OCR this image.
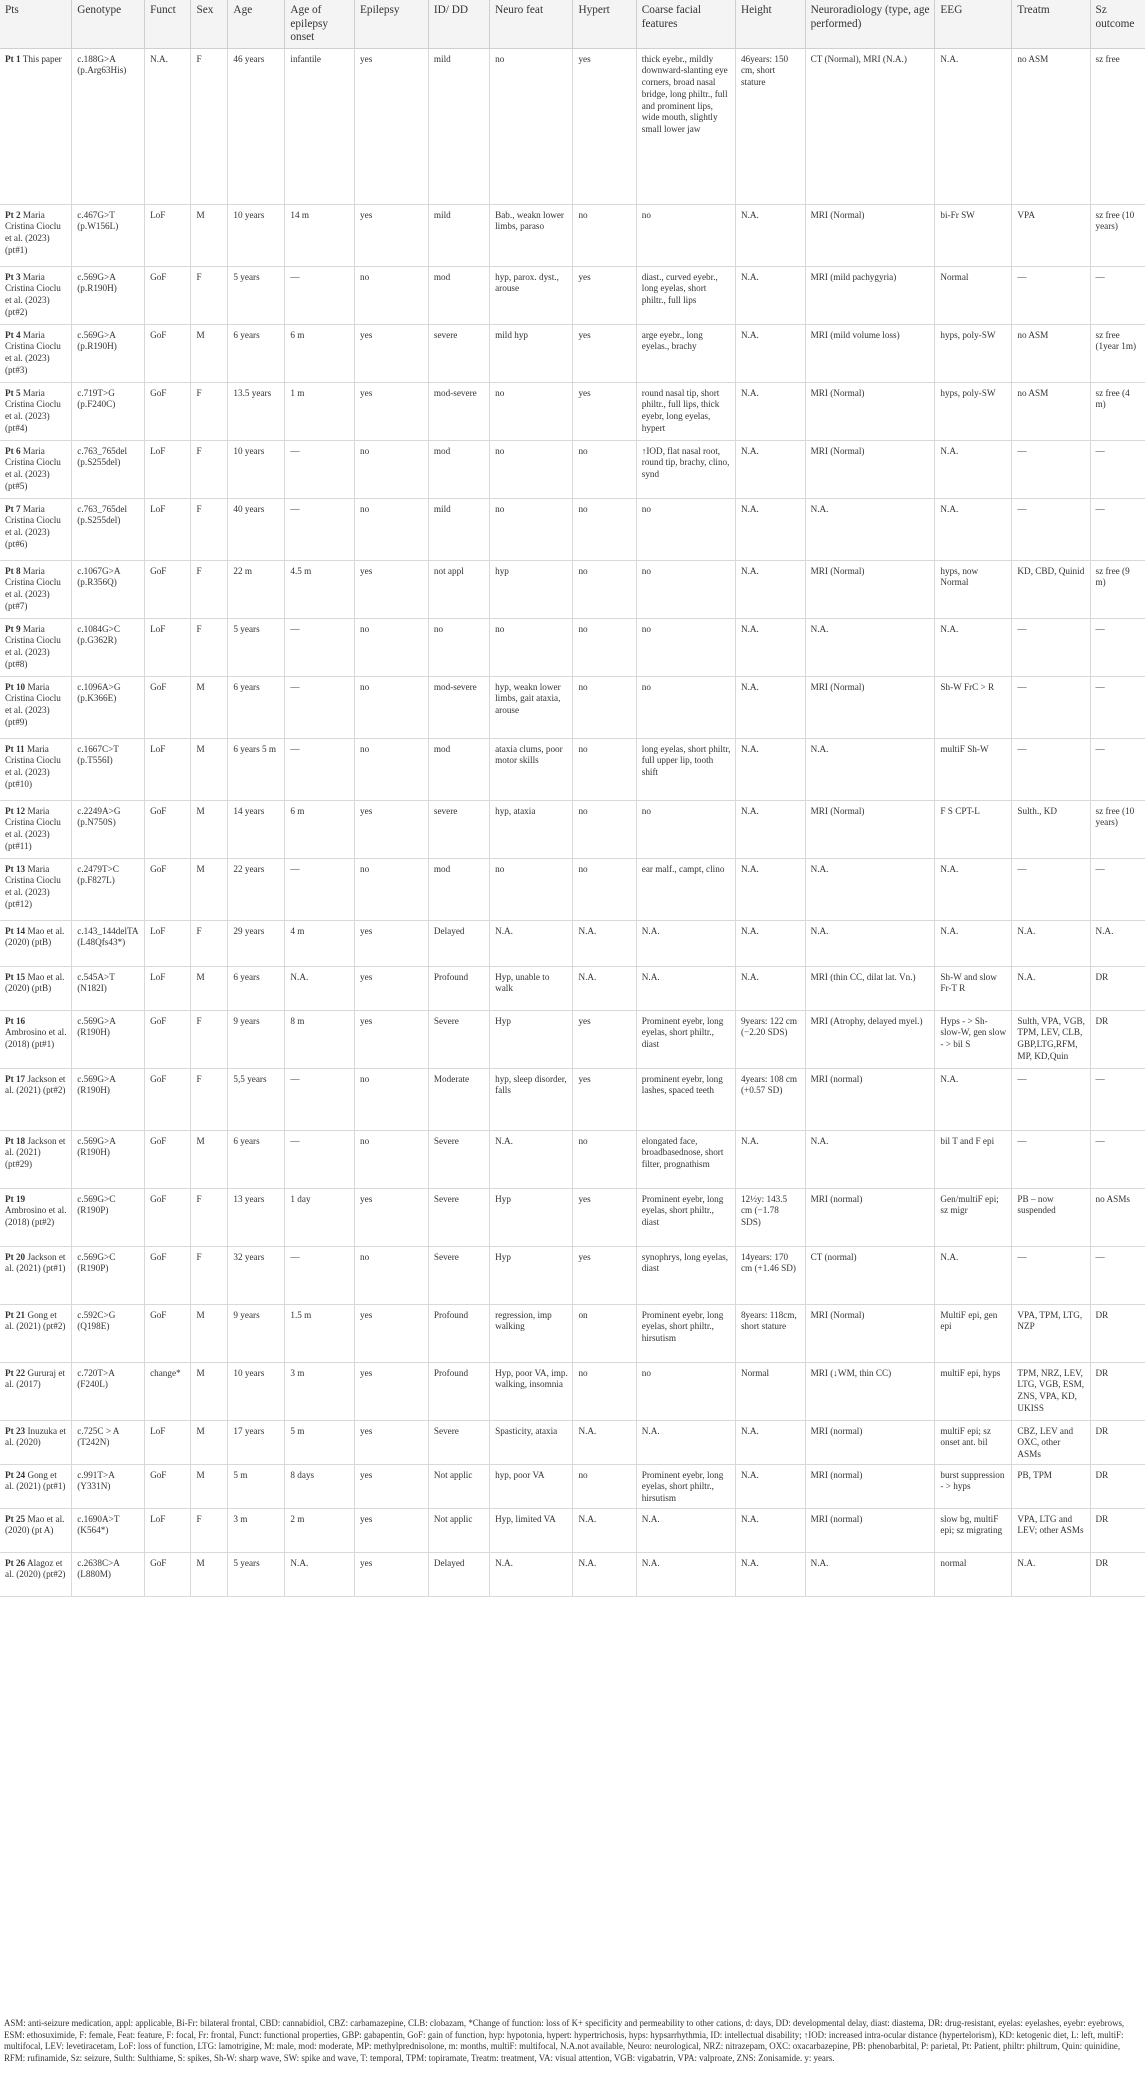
Pts	Genotype	Funct	Sex	Age	Age of epilepsy onset	Epilepsy	ID/ DD	Neuro feat	Hypert	Coarse facial features	Height	Neuroradiology (type, age performed)	EEG	Treatm	Sz outcome
Pt 1 This paper	c.188G>A (p.Arg63His)	N.A.	F	46 years	infantile	yes	mild	no	yes	thick eyebr., mildly downward-slanting eye corners, broad nasal bridge, long philtr., full and prominent lips, wide mouth, slightly small lower jaw	46years: 150 cm, short stature	CT (Normal), MRI (N.A.)	N.A.	no ASM	sz free
Pt 2 Maria Cristina Cioclu et al. (2023) (pt#1)	c.467G>T (p.W156L)	LoF	M	10 years	14 m	yes	mild	Bab., weakn lower limbs, paraso	no	no	N.A.	MRI (Normal)	bi-Fr SW	VPA	sz free (10 years)
Pt 3 Maria Cristina Cioclu et al. (2023) (pt#2)	c.569G>A (p.R190H)	GoF	F	5 years	—	no	mod	hyp, parox. dyst., arouse	yes	diast., curved eyebr., long eyelas, short philtr., full lips	N.A.	MRI (mild pachygyria)	Normal	—	—
Pt 4 Maria Cristina Cioclu et al. (2023) (pt#3)	c.569G>A (p.R190H)	GoF	M	6 years	6 m	yes	severe	mild hyp	yes	arge eyebr., long eyelas., brachy	N.A.	MRI (mild volume loss)	hyps, poly-SW	no ASM	sz free (1year 1m)
Pt 5 Maria Cristina Cioclu et al. (2023) (pt#4)	c.719T>G (p.F240C)	GoF	F	13.5 years	1 m	yes	mod-severe	no	yes	round nasal tip, short philtr., full lips, thick eyebr, long eyelas, hypert	N.A.	MRI (Normal)	hyps, poly-SW	no ASM	sz free (4 m)
Pt 6 Maria Cristina Cioclu et al. (2023) (pt#5)	c.763_765del (p.S255del)	LoF	F	10 years	—	no	mod	no	no	↑IOD, flat nasal root, round tip, brachy, clino, synd	N.A.	MRI (Normal)	N.A.	—	—
Pt 7 Maria Cristina Cioclu et al. (2023) (pt#6)	c.763_765del (p.S255del)	LoF	F	40 years	—	no	mild	no	no	no	N.A.	N.A.	N.A.	—	—
Pt 8 Maria Cristina Cioclu et al. (2023) (pt#7)	c.1067G>A (p.R356Q)	GoF	F	22 m	4.5 m	yes	not appl	hyp	no	no	N.A.	MRI (Normal)	hyps, now Normal	KD, CBD, Quinid	sz free (9 m)
Pt 9 Maria Cristina Cioclu et al. (2023) (pt#8)	c.1084G>C (p.G362R)	LoF	F	5 years	—	no	no	no	no	no	N.A.	N.A.	N.A.	—	—
Pt 10 Maria Cristina Cioclu et al. (2023) (pt#9)	c.1096A>G (p.K366E)	GoF	M	6 years	—	no	mod-severe	hyp, weakn lower limbs, gait ataxia, arouse	no	no	N.A.	MRI (Normal)	Sh-W FrC > R	—	—
Pt 11 Maria Cristina Cioclu et al. (2023) (pt#10)	c.1667C>T (p.T556I)	LoF	M	6 years 5 m	—	no	mod	ataxia clums, poor motor skills	no	long eyelas, short philtr, full upper lip, tooth shift	N.A.	N.A.	multiF Sh-W	—	—
Pt 12 Maria Cristina Cioclu et al. (2023) (pt#11)	c.2249A>G (p.N750S)	GoF	M	14 years	6 m	yes	severe	hyp, ataxia	no	no	N.A.	MRI (Normal)	F S CPT-L	Sulth., KD	sz free (10 years)
Pt 13 Maria Cristina Cioclu et al. (2023) (pt#12)	c.2479T>C (p.F827L)	GoF	M	22 years	—	no	mod	no	no	ear malf., campt, clino	N.A.	N.A.	N.A.	—	—
Pt 14 Mao et al. (2020) (ptB)	c.143_144delTA (L48Qfs43*)	LoF	F	29 years	4 m	yes	Delayed	N.A.	N.A.	N.A.	N.A.	N.A.	N.A.	N.A.	N.A.
Pt 15 Mao et al. (2020) (ptB)	c.545A>T (N182I)	LoF	M	6 years	N.A.	yes	Profound	Hyp, unable to walk	N.A.	N.A.	N.A.	MRI (thin CC, dilat lat. Vn.)	Sh-W and slow Fr-T R	N.A.	DR
Pt 16 Ambrosino et al. (2018) (pt#1)	c.569G>A (R190H)	GoF	F	9 years	8 m	yes	Severe	Hyp	yes	Prominent eyebr, long eyelas, short philtr., diast	9years: 122 cm (−2.20 SDS)	MRI (Atrophy, delayed myel.)	Hyps - > Sh-slow-W, gen slow - > bil S	Sulth, VPA, VGB, TPM, LEV, CLB, GBP,LTG,RFM, MP, KD,Quin	DR
Pt 17 Jackson et al. (2021) (pt#2)	c.569G>A (R190H)	GoF	F	5,5 years	—	no	Moderate	hyp, sleep disorder, falls	yes	prominent eyebr, long lashes, spaced teeth	4years: 108 cm (+0.57 SD)	MRI (normal)	N.A.	—	—
Pt 18 Jackson et al. (2021) (pt#29)	c.569G>A (R190H)	GoF	M	6 years	—	no	Severe	N.A.	no	elongated face, broadbasednose, short filter, prognathism	N.A.	N.A.	bil T and F epi	—	—
Pt 19 Ambrosino et al. (2018) (pt#2)	c.569G>C (R190P)	GoF	F	13 years	1 day	yes	Severe	Hyp	yes	Prominent eyebr, long eyelas, short philtr., diast	12½y: 143.5 cm (−1.78 SDS)	MRI (normal)	Gen/multiF epi; sz migr	PB – now suspended	no ASMs
Pt 20 Jackson et al. (2021) (pt#1)	c.569G>C (R190P)	GoF	F	32 years	—	no	Severe	Hyp	yes	synophrys, long eyelas, diast	14years: 170 cm (+1.46 SD)	CT (normal)	N.A.	—	—
Pt 21 Gong et al. (2021) (pt#2)	c.592C>G (Q198E)	GoF	M	9 years	1.5 m	yes	Profound	regression, imp walking	on	Prominent eyebr, long eyelas, short philtr., hirsutism	8years: 118cm, short stature	MRI (Normal)	MultiF epi, gen epi	VPA, TPM, LTG, NZP	DR
Pt 22 Gururaj et al. (2017)	c.720T>A (F240L)	change*	M	10 years	3 m	yes	Profound	Hyp, poor VA, imp. walking, insomnia	no	no	Normal	MRI (↓WM, thin CC)	multiF epi, hyps	TPM, NRZ, LEV, LTG, VGB, ESM, ZNS, VPA, KD, UKISS	DR
Pt 23 Inuzuka et al. (2020)	c.725C > A (T242N)	LoF	M	17 years	5 m	yes	Severe	Spasticity, ataxia	N.A.	N.A.	N.A.	MRI (normal)	multiF epi; sz onset ant. bil	CBZ, LEV and OXC, other ASMs	DR
Pt 24 Gong et al. (2021) (pt#1)	c.991T>A (Y331N)	GoF	M	5 m	8 days	yes	Not applic	hyp, poor VA	no	Prominent eyebr, long eyelas, short philtr., hirsutism	N.A.	MRI (normal)	burst suppression - > hyps	PB, TPM	DR
Pt 25 Mao et al. (2020) (pt A)	c.1690A>T (K564*)	LoF	F	3 m	2 m	yes	Not applic	Hyp, limited VA	N.A.	N.A.	N.A.	MRI (normal)	slow bg, multiF epi; sz migrating	VPA, LTG and LEV; other ASMs	DR
Pt 26 Alagoz et al. (2020) (pt#2)	c.2638C>A (L880M)	GoF	M	5 years	N.A.	yes	Delayed	N.A.	N.A.	N.A.	N.A.	N.A.	normal	N.A.	DR
ASM: anti-seizure medication, appl: applicable, Bi-Fr: bilateral frontal, CBD: cannabidiol, CBZ: carbamazepine, CLB: clobazam, *Change of function: loss of K+ specificity and permeability to other cations, d: days, DD: developmental delay, diast: diastema, DR: drug-resistant, eyelas: eyelashes, eyebr: eyebrows, ESM: ethosuximide, F: female, Feat: feature, F: focal, Fr: frontal, Funct: functional properties, GBP: gabapentin, GoF: gain of function, hyp: hypotonia, hypert: hypertrichosis, hyps: hypsarrhythmia, ID: intellectual disability; ↑IOD: increased intra-ocular distance (hypertelorism), KD: ketogenic diet, L: left, multiF: multifocal, LEV: levetiracetam, LoF: loss of function, LTG: lamotrigine, M: male, mod: moderate, MP: methylprednisolone, m: months, multiF: multifocal, N.A.not available, Neuro: neurological, NRZ: nitrazepam, OXC: oxacarbazepine, PB: phenobarbital, P: parietal, Pt: Patient, philtr: philtrum, Quin: quinidine, RFM: rufinamide, Sz: seizure, Sulth: Sulthiame, S: spikes, Sh-W: sharp wave, SW: spike and wave, T: temporal, TPM: topiramate, Treatm: treatment, VA: visual attention, VGB: vigabatrin, VPA: valproate, ZNS: Zonisamide. y: years.
